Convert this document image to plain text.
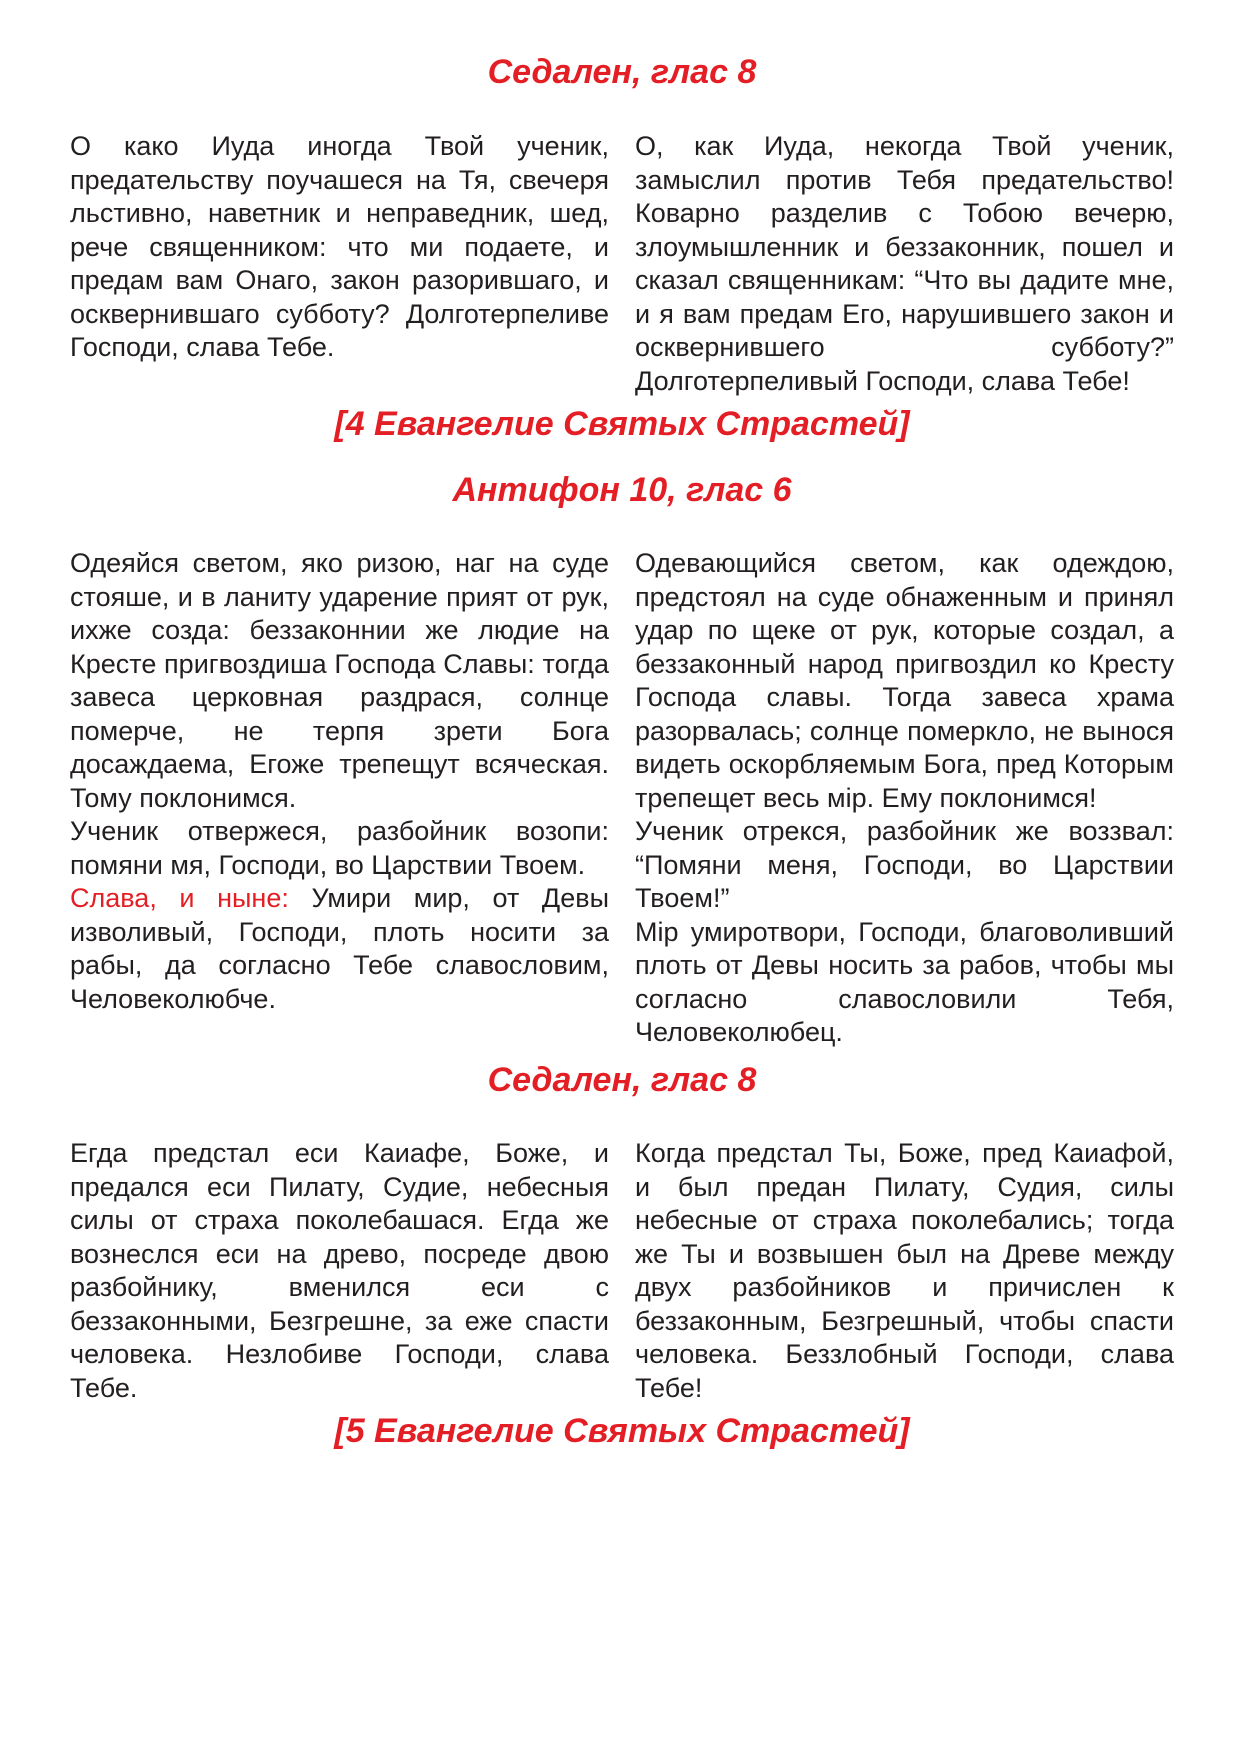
Седален, глас 8

О како Иуда иногда Твой ученик, предательству поучашеся на Тя, свечеря льстивно, наветник и неправедник, шед, рече священником: что ми подаете, и предам вам Онаго, закон разорившаго, и осквернившаго субботу? Долготерпеливе Господи, слава Тебе.

О, как Иуда, некогда Твой ученик, замыслил против Тебя предательство! Коварно разделив с Тобою вечерю, злоумышленник и беззаконник, пошел и сказал священникам: “Что вы дадите мне, и я вам предам Его, нарушившего закон и осквернившего субботу?” Долготерпеливый Господи, слава Тебе!

[4 Евангелие Святых Страстей]
Антифон 10, глас 6

Одеяйся светом, яко ризою, наг на суде стояше, и в ланиту ударение прият от рук, ихже созда: беззаконнии же людие на Кресте пригвоздиша Господа Славы: тогда завеса церковная раздрася, солнце померче, не терпя зрети Бога досаждаема, Егоже трепещут всяческая. Тому поклонимся.

Ученик отвержеся, разбойник возопи: помяни мя, Господи, во Царствии Твоем.

Слава, и ныне: Умири мир, от Девы изволивый, Господи, плоть носити за рабы, да согласно Тебе славословим, Человеколюбче.

Одевающийся светом, как одеждою, предстоял на суде обнаженным и принял удар по щеке от рук, которые создал, а беззаконный народ пригвоздил ко Кресту Господа славы. Тогда завеса храма разорвалась; солнце померкло, не вынося видеть оскорбляемым Бога, пред Которым трепещет весь мiр. Ему поклонимся!

Ученик отрекся, разбойник же воззвал: “Помяни меня, Господи, во Царствии Твоем!”

Мiр умиротвори, Господи, благоволивший плоть от Девы носить за рабов, чтобы мы согласно славословили Тебя, Человеколюбец.

Седален, глас 8

Егда предстал еси Каиафе, Боже, и предался еси Пилату, Судие, небесныя силы от страха поколебашася. Егда же вознеслся еси на древо, посреде двою разбойнику, вменился еси с беззаконными, Безгрешне, за еже спасти человека. Незлобиве Господи, слава Тебе.

Когда предстал Ты, Боже, пред Каиафой, и был предан Пилату, Судия, силы небесные от страха поколебались; тогда же Ты и возвышен был на Древе между двух разбойников и причислен к беззаконным, Безгрешный, чтобы спасти человека. Беззлобный Господи, слава Тебе!

[5 Евангелие Святых Страстей]
